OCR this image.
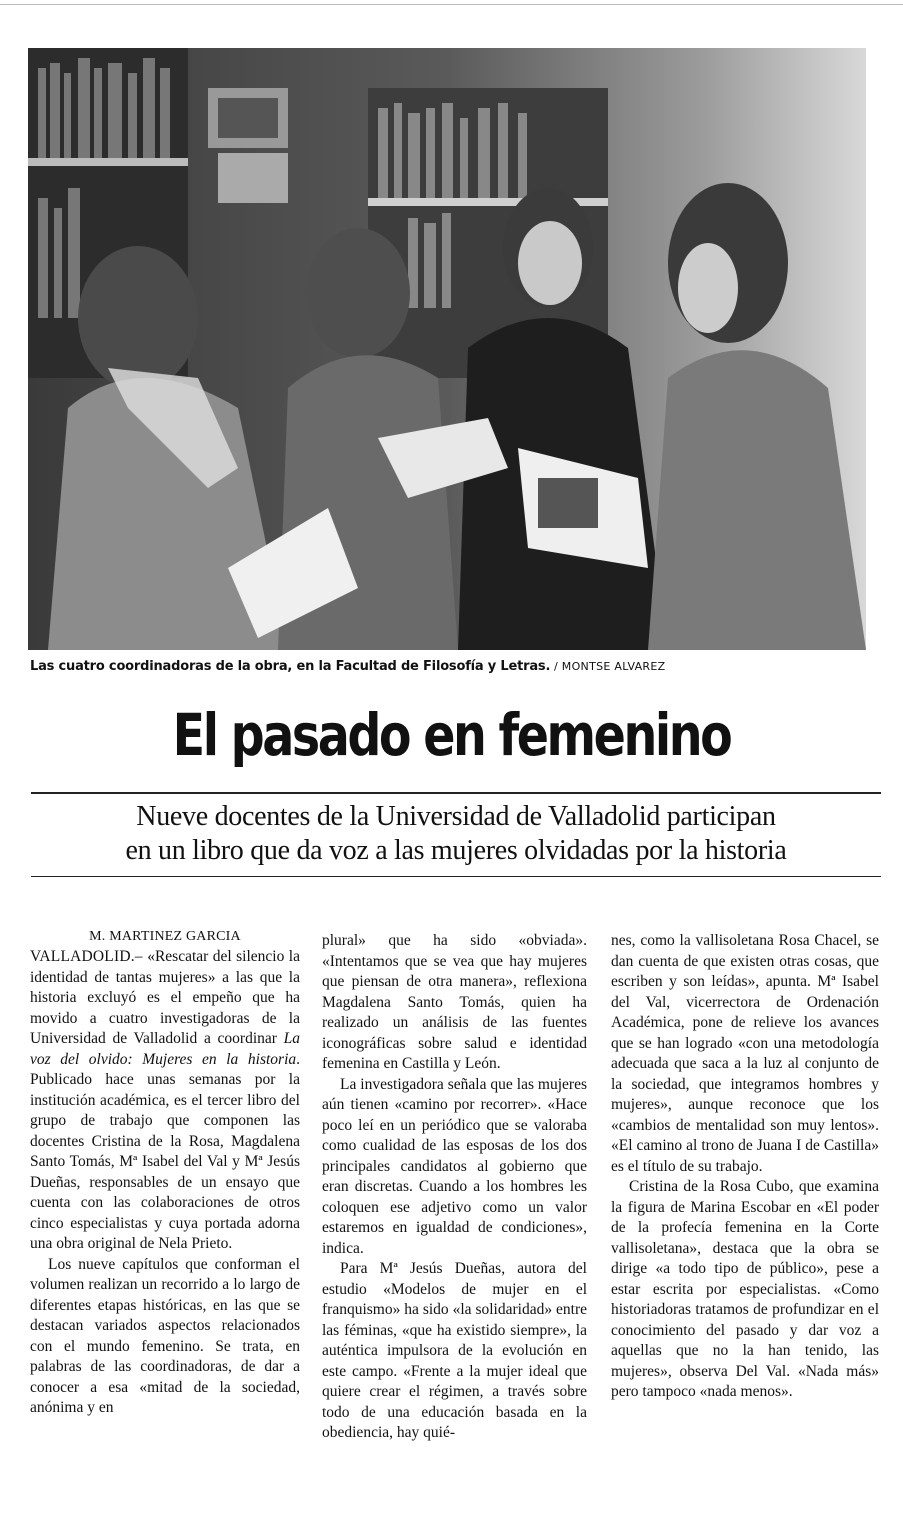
Las cuatro coordinadoras de la obra, en la Facultad de Filosofía y Letras. / MONTSE ALVAREZ
El pasado en femenino
Nueve docentes de la Universidad de Valladolid participan
en un libro que da voz a las mujeres olvidadas por la historia
M. MARTINEZ GARCIA

VALLADOLID.– «Rescatar del silencio la identidad de tantas mujeres» a las que la historia excluyó es el empeño que ha movido a cuatro investigadoras de la Universidad de Valladolid a coordinar La voz del olvido: Mujeres en la historia. Publicado hace unas semanas por la institución académica, es el tercer libro del grupo de trabajo que componen las docentes Cristina de la Rosa, Magdalena Santo Tomás, Mª Isabel del Val y Mª Jesús Dueñas, responsables de un ensayo que cuenta con las colaboraciones de otros cinco especialistas y cuya portada adorna una obra original de Nela Prieto.

Los nueve capítulos que conforman el volumen realizan un recorrido a lo largo de diferentes etapas históricas, en las que se destacan variados aspectos relacionados con el mundo femenino. Se trata, en palabras de las coordinadoras, de dar a conocer a esa «mitad de la sociedad, anónima y en

plural» que ha sido «obviada». «Intentamos que se vea que hay mujeres que piensan de otra manera», reflexiona Magdalena Santo Tomás, quien ha realizado un análisis de las fuentes iconográficas sobre salud e identidad femenina en Castilla y León.

La investigadora señala que las mujeres aún tienen «camino por recorrer». «Hace poco leí en un periódico que se valoraba como cualidad de las esposas de los dos principales candidatos al gobierno que eran discretas. Cuando a los hombres les coloquen ese adjetivo como un valor estaremos en igualdad de condiciones», indica.

Para Mª Jesús Dueñas, autora del estudio «Modelos de mujer en el franquismo» ha sido «la solidaridad» entre las féminas, «que ha existido siempre», la auténtica impulsora de la evolución en este campo. «Frente a la mujer ideal que quiere crear el régimen, a través sobre todo de una educación basada en la obediencia, hay quié-

nes, como la vallisoletana Rosa Chacel, se dan cuenta de que existen otras cosas, que escriben y son leídas», apunta. Mª Isabel del Val, vicerrectora de Ordenación Académica, pone de relieve los avances que se han logrado «con una metodología adecuada que saca a la luz al conjunto de la sociedad, que integramos hombres y mujeres», aunque reconoce que los «cambios de mentalidad son muy lentos». «El camino al trono de Juana I de Castilla» es el título de su trabajo.

Cristina de la Rosa Cubo, que examina la figura de Marina Escobar en «El poder de la profecía femenina en la Corte vallisoletana», destaca que la obra se dirige «a todo tipo de público», pese a estar escrita por especialistas. «Como historiadoras tratamos de profundizar en el conocimiento del pasado y dar voz a aquellas que no la han tenido, las mujeres», observa Del Val. «Nada más» pero tampoco «nada menos».
